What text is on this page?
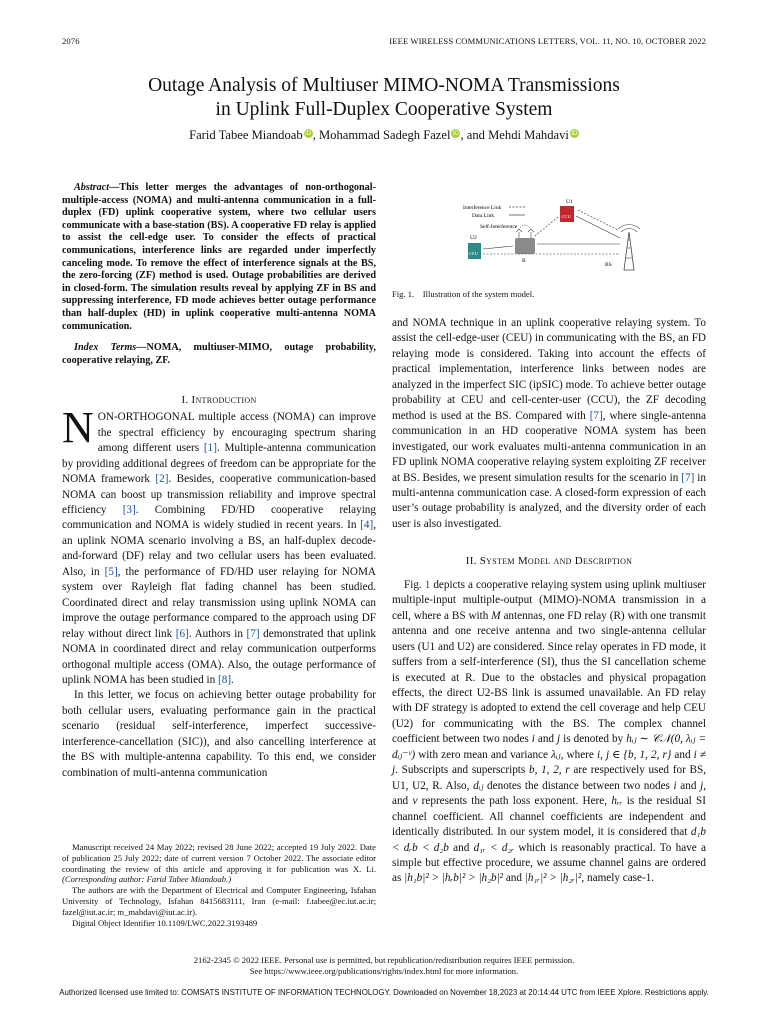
2076	IEEE WIRELESS COMMUNICATIONS LETTERS, VOL. 11, NO. 10, OCTOBER 2022
Outage Analysis of Multiuser MIMO-NOMA Transmissions
in Uplink Full-Duplex Cooperative System
Farid Tabee Miandoab iD, Mohammad Sadegh Fazel iD, and Mehdi Mahdavi iD
Abstract—This letter merges the advantages of non-orthogonal-multiple-access (NOMA) and multi-antenna communication in a full-duplex (FD) uplink cooperative system, where two cellular users communicate with a base-station (BS). A cooperative FD relay is applied to assist the cell-edge user. To consider the effects of practical communications, interference links are regarded under imperfectly canceling mode. To remove the effect of interference signals at the BS, the zero-forcing (ZF) method is used. Outage probabilities are derived in closed-form. The simulation results reveal by applying ZF in BS and suppressing interference, FD mode achieves better outage performance than half-duplex (HD) in uplink cooperative multi-antenna NOMA communication.
Index Terms—NOMA, multiuser-MIMO, outage probability, cooperative relaying, ZF.
I. Introduction

NON-ORTHOGONAL multiple access (NOMA) can improve the spectral efficiency by encouraging spectrum sharing among different users [1]. Multiple-antenna communication by providing additional degrees of freedom can be appropriate for the NOMA framework [2]. Besides, cooperative communication-based NOMA can boost up transmission reliability and improve spectral efficiency [3]. Combining FD/HD cooperative relaying communication and NOMA is widely studied in recent years. In [4], an uplink NOMA scenario involving a BS, an half-duplex decode-and-forward (DF) relay and two cellular users has been evaluated. Also, in [5], the performance of FD/HD user relaying for NOMA system over Rayleigh flat fading channel has been studied. Coordinated direct and relay transmission using uplink NOMA can improve the outage performance compared to the approach using DF relay without direct link [6]. Authors in [7] demonstrated that uplink NOMA in coordinated direct and relay communication outperforms orthogonal multiple access (OMA). Also, the outage performance of uplink NOMA has been studied in [8].

In this letter, we focus on achieving better outage probability for both cellular users, evaluating performance gain in the practical scenario (residual self-interference, imperfect successive-interference-cancellation (SIC)), and also cancelling interference at the BS with multiple-antenna capability. To this end, we consider combination of multi-antenna communication

Manuscript received 24 May 2022; revised 28 June 2022; accepted 19 July 2022. Date of publication 25 July 2022; date of current version 7 October 2022. The associate editor coordinating the review of this article and approving it for publication was X. Li. (Corresponding author: Farid Tabee Miandoab.)

The authors are with the Department of Electrical and Computer Engineering, Isfahan University of Technology, Isfahan 8415683111, Iran (e-mail: f.tabee@ec.iut.ac.ir; fazel@iut.ac.ir; m_mahdavi@iut.ac.ir).

Digital Object Identifier 10.1109/LWC.2022.3193489

Interference Link
Data Link
Self-Interference
U1
CCU
U2
CEU
R
BS
Fig. 1. Illustration of the system model.

and NOMA technique in an uplink cooperative relaying system. To assist the cell-edge-user (CEU) in communicating with the BS, an FD relaying mode is considered. Taking into account the effects of practical implementation, interference links between nodes are analyzed in the imperfect SIC (ipSIC) mode. To achieve better outage probability at CEU and cell-center-user (CCU), the ZF decoding method is used at the BS. Compared with [7], where single-antenna communication in an HD cooperative NOMA system has been investigated, our work evaluates multi-antenna communication in an FD uplink NOMA cooperative relaying system exploiting ZF receiver at BS. Besides, we present simulation results for the scenario in [7] in multi-antenna communication case. A closed-form expression of each user’s outage probability is analyzed, and the diversity order of each user is also investigated.

II. System Model and Description

Fig. 1 depicts a cooperative relaying system using uplink multiuser multiple-input multiple-output (MIMO)-NOMA transmission in a cell, where a BS with M antennas, one FD relay (R) with one transmit antenna and one receive antenna and two single-antenna cellular users (U1 and U2) are considered. Since relay operates in FD mode, it suffers from a self-interference (SI), thus the SI cancellation scheme is executed at R. Due to the obstacles and physical propagation effects, the direct U2-BS link is assumed unavailable. An FD relay with DF strategy is adopted to extend the cell coverage and help CEU (U2) for communicating with the BS. The complex channel coefficient between two nodes i and j is denoted by hᵢⱼ ∼ 𝒞𝒩(0, λᵢⱼ = dᵢⱼ⁻ᵛ) with zero mean and variance λᵢⱼ, where i, j ∈ {b, 1, 2, r} and i ≠ j. Subscripts and superscripts b, 1, 2, r are respectively used for BS, U1, U2, R. Also, dᵢⱼ denotes the distance between two nodes i and j, and v represents the path loss exponent. Here, hᵣᵣ is the residual SI channel coefficient. All channel coefficients are independent and identically distributed. In our system model, it is considered that d₁b < dᵣb < d₂b and d₁ᵣ < d₂ᵣ which is reasonably practical. To have a simple but effective procedure, we assume channel gains are ordered as |h₁b|² > |hᵣb|² > |h₂b|² and |h₁ᵣ|² > |h₂ᵣ|², namely case-1.

2162-2345 © 2022 IEEE. Personal use is permitted, but republication/redistribution requires IEEE permission.
See https://www.ieee.org/publications/rights/index.html for more information.
Authorized licensed use limited to: COMSATS INSTITUTE OF INFORMATION TECHNOLOGY. Downloaded on November 18,2023 at 20:14:44 UTC from IEEE Xplore. Restrictions apply.
